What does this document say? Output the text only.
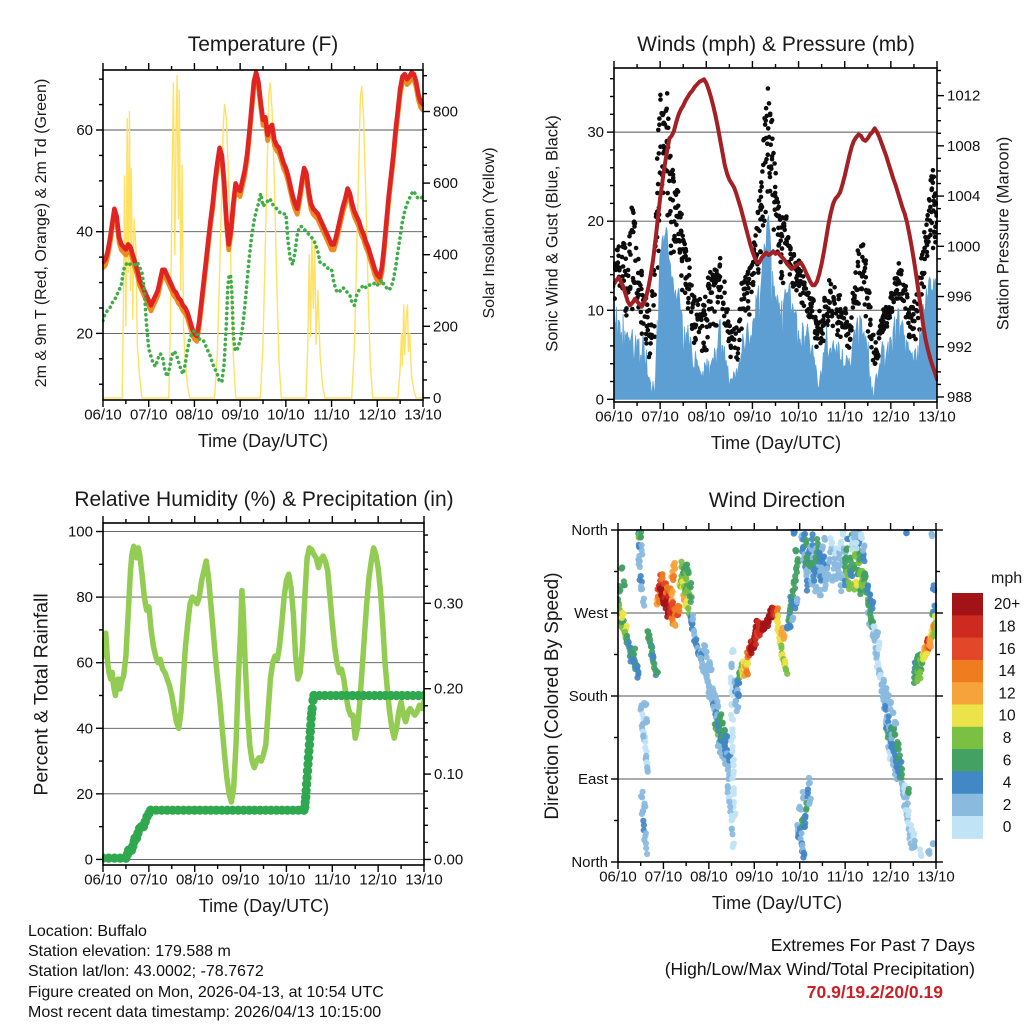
06/10 07/10 08/10 09/10 10/10 11/10 12/10 13/10
20
40
60
0
200
400
600
800
06/10 07/10 08/10 09/10 10/10 11/10 12/10 13/10
0
10
20
30
988
992
996
1000
1004
1008
1012
06/10 07/10 08/10 09/10 10/10 11/10 12/10 13/10
0
20
40
60
80
100
0.00
0.10
0.20
0.30
06/10 07/10 08/10 09/10 10/10 11/10 12/10 13/10
North
West
South
East
North
20+
18
16
14
12
10
8
6
4
2
0
Temperature (F)	Winds (mph) & Pressure (mb)
Relative Humidity (%) & Precipitation (in)	Wind Direction
Time (Day/UTC)	Time (Day/UTC)
Time (Day/UTC)	Time (Day/UTC)
2m & 9m T (Red, Orange) & 2m Td (Green)	Solar Insolation (Yellow)	Sonic Wind & Gust (Blue, Black)	Station Pressure (Maroon)
Percent & Total Rainfall	Direction (Colored By Speed)	mph
Location: Buffalo
Station elevation: 179.588 m
Station lat/lon: 43.0002; -78.7672
Figure created on Mon, 2026-04-13, at 10:54 UTC
Most recent data timestamp: 2026/04/13 10:15:00
Extremes For Past 7 Days
(High/Low/Max Wind/Total Precipitation)
70.9/19.2/20/0.19
